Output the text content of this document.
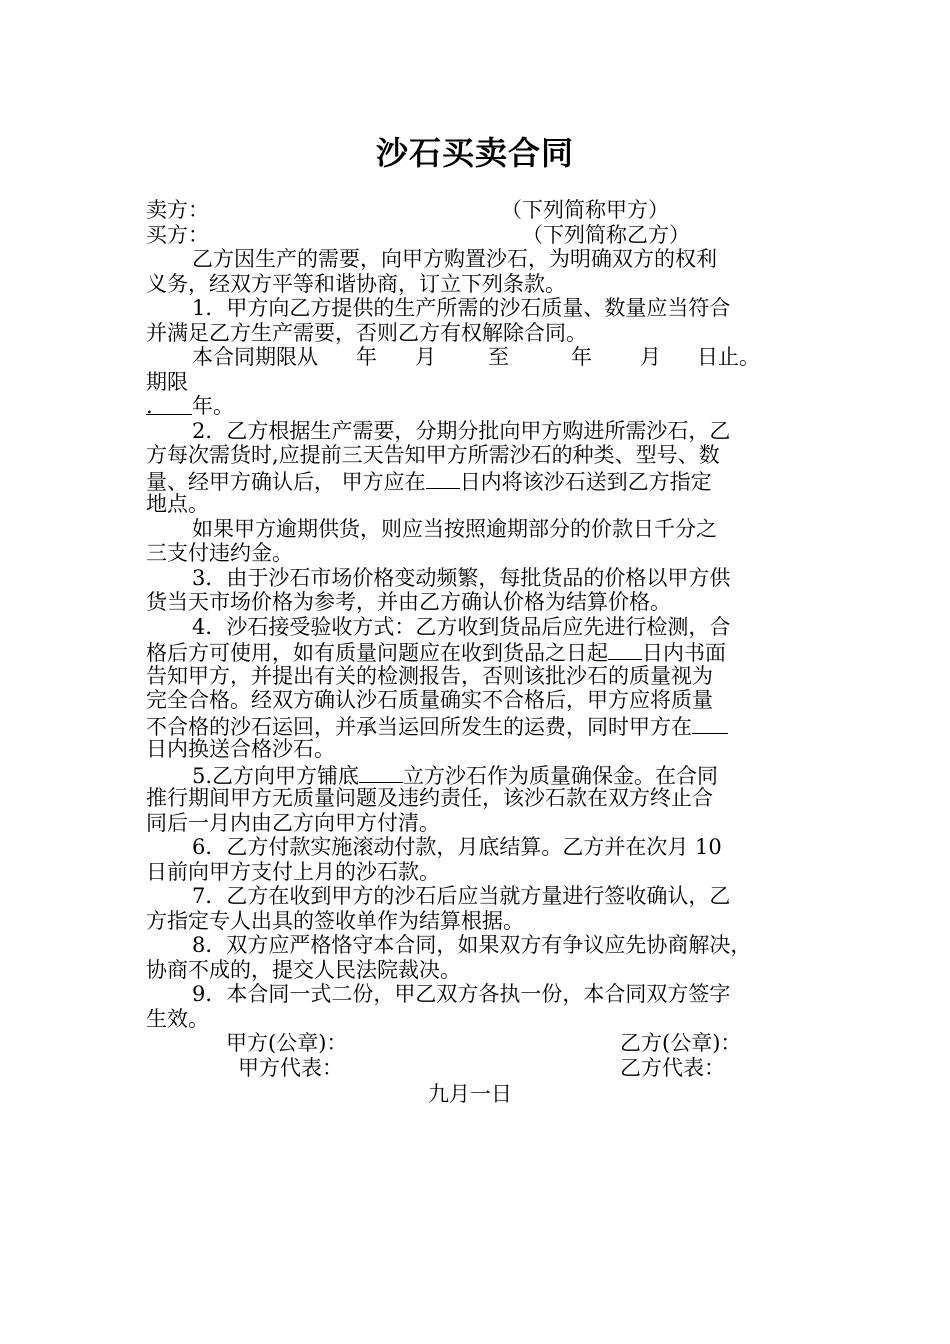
沙石买卖合同
卖方：	（下列简称甲方）
买方：	（下列简称乙方）
乙方因生产的需要，向甲方购置沙石，为明确双方的权利
义务，经双方平等和谐协商，订立下列条款。
1．甲方向乙方提供的生产所需的沙石质量、数量应当符合
并满足乙方生产需要，否则乙方有权解除合同。
本合同期限从 年 月 至	年 月 日止。
期限
. 年。
2．乙方根据生产需要，分期分批向甲方购进所需沙石，乙
方每次需货时,应提前三天告知甲方所需沙石的种类、型号、数
量、经甲方确认后， 甲方应在 日内将该沙石送到乙方指定
地点。
如果甲方逾期供货，则应当按照逾期部分的价款日千分之
三支付违约金。
3．由于沙石市场价格变动频繁，每批货品的价格以甲方供
货当天市场价格为参考，并由乙方确认价格为结算价格。
4．沙石接受验收方式：乙方收到货品后应先进行检测，合
格后方可使用，如有质量问题应在收到货品之日起 日内书面
告知甲方，并提出有关的检测报告，否则该批沙石的质量视为
完全合格。经双方确认沙石质量确实不合格后，甲方应将质量
不合格的沙石运回，并承当运回所发生的运费，同时甲方在
日内换送合格沙石。
5.乙方向甲方铺底 立方沙石作为质量确保金。在合同
推行期间甲方无质量问题及违约责任，该沙石款在双方终止合
同后一月内由乙方向甲方付清。
6．乙方付款实施滚动付款，月底结算。乙方并在次月 10
日前向甲方支付上月的沙石款。
7．乙方在收到甲方的沙石后应当就方量进行签收确认，乙
方指定专人出具的签收单作为结算根据。
8．双方应严格恪守本合同，如果双方有争议应先协商解决，
协商不成的，提交人民法院裁决。
9．本合同一式二份，甲乙双方各执一份，本合同双方签字
生效。
甲方(公章)：	乙方(公章)：
甲方代表：	乙方代表：
九月一日
